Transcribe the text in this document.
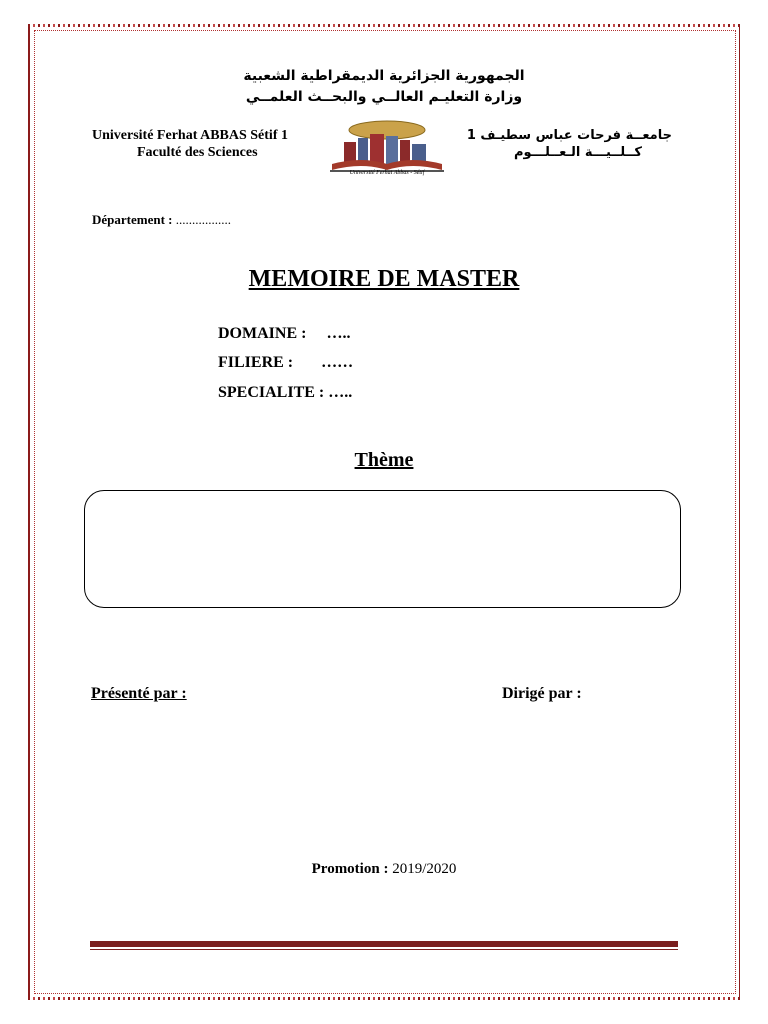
الجمهورية الجزائرية الديمقراطية الشعبية
وزارة التعليـم العالــي والبحــث العلمــي
Université Ferhat ABBAS Sétif 1
Faculté des Sciences
Université Ferhat Abbas - Sétif
جامعــة فرحات عباس سطيـف 1
كــلــيـــة الـعــلـــوم
Département : .................
MEMOIRE DE MASTER
DOMAINE :     …..
FILIERE :       ……
SPECIALITE : …..
Thème
Présenté par :	Dirigé par :
Promotion : 2019/2020
